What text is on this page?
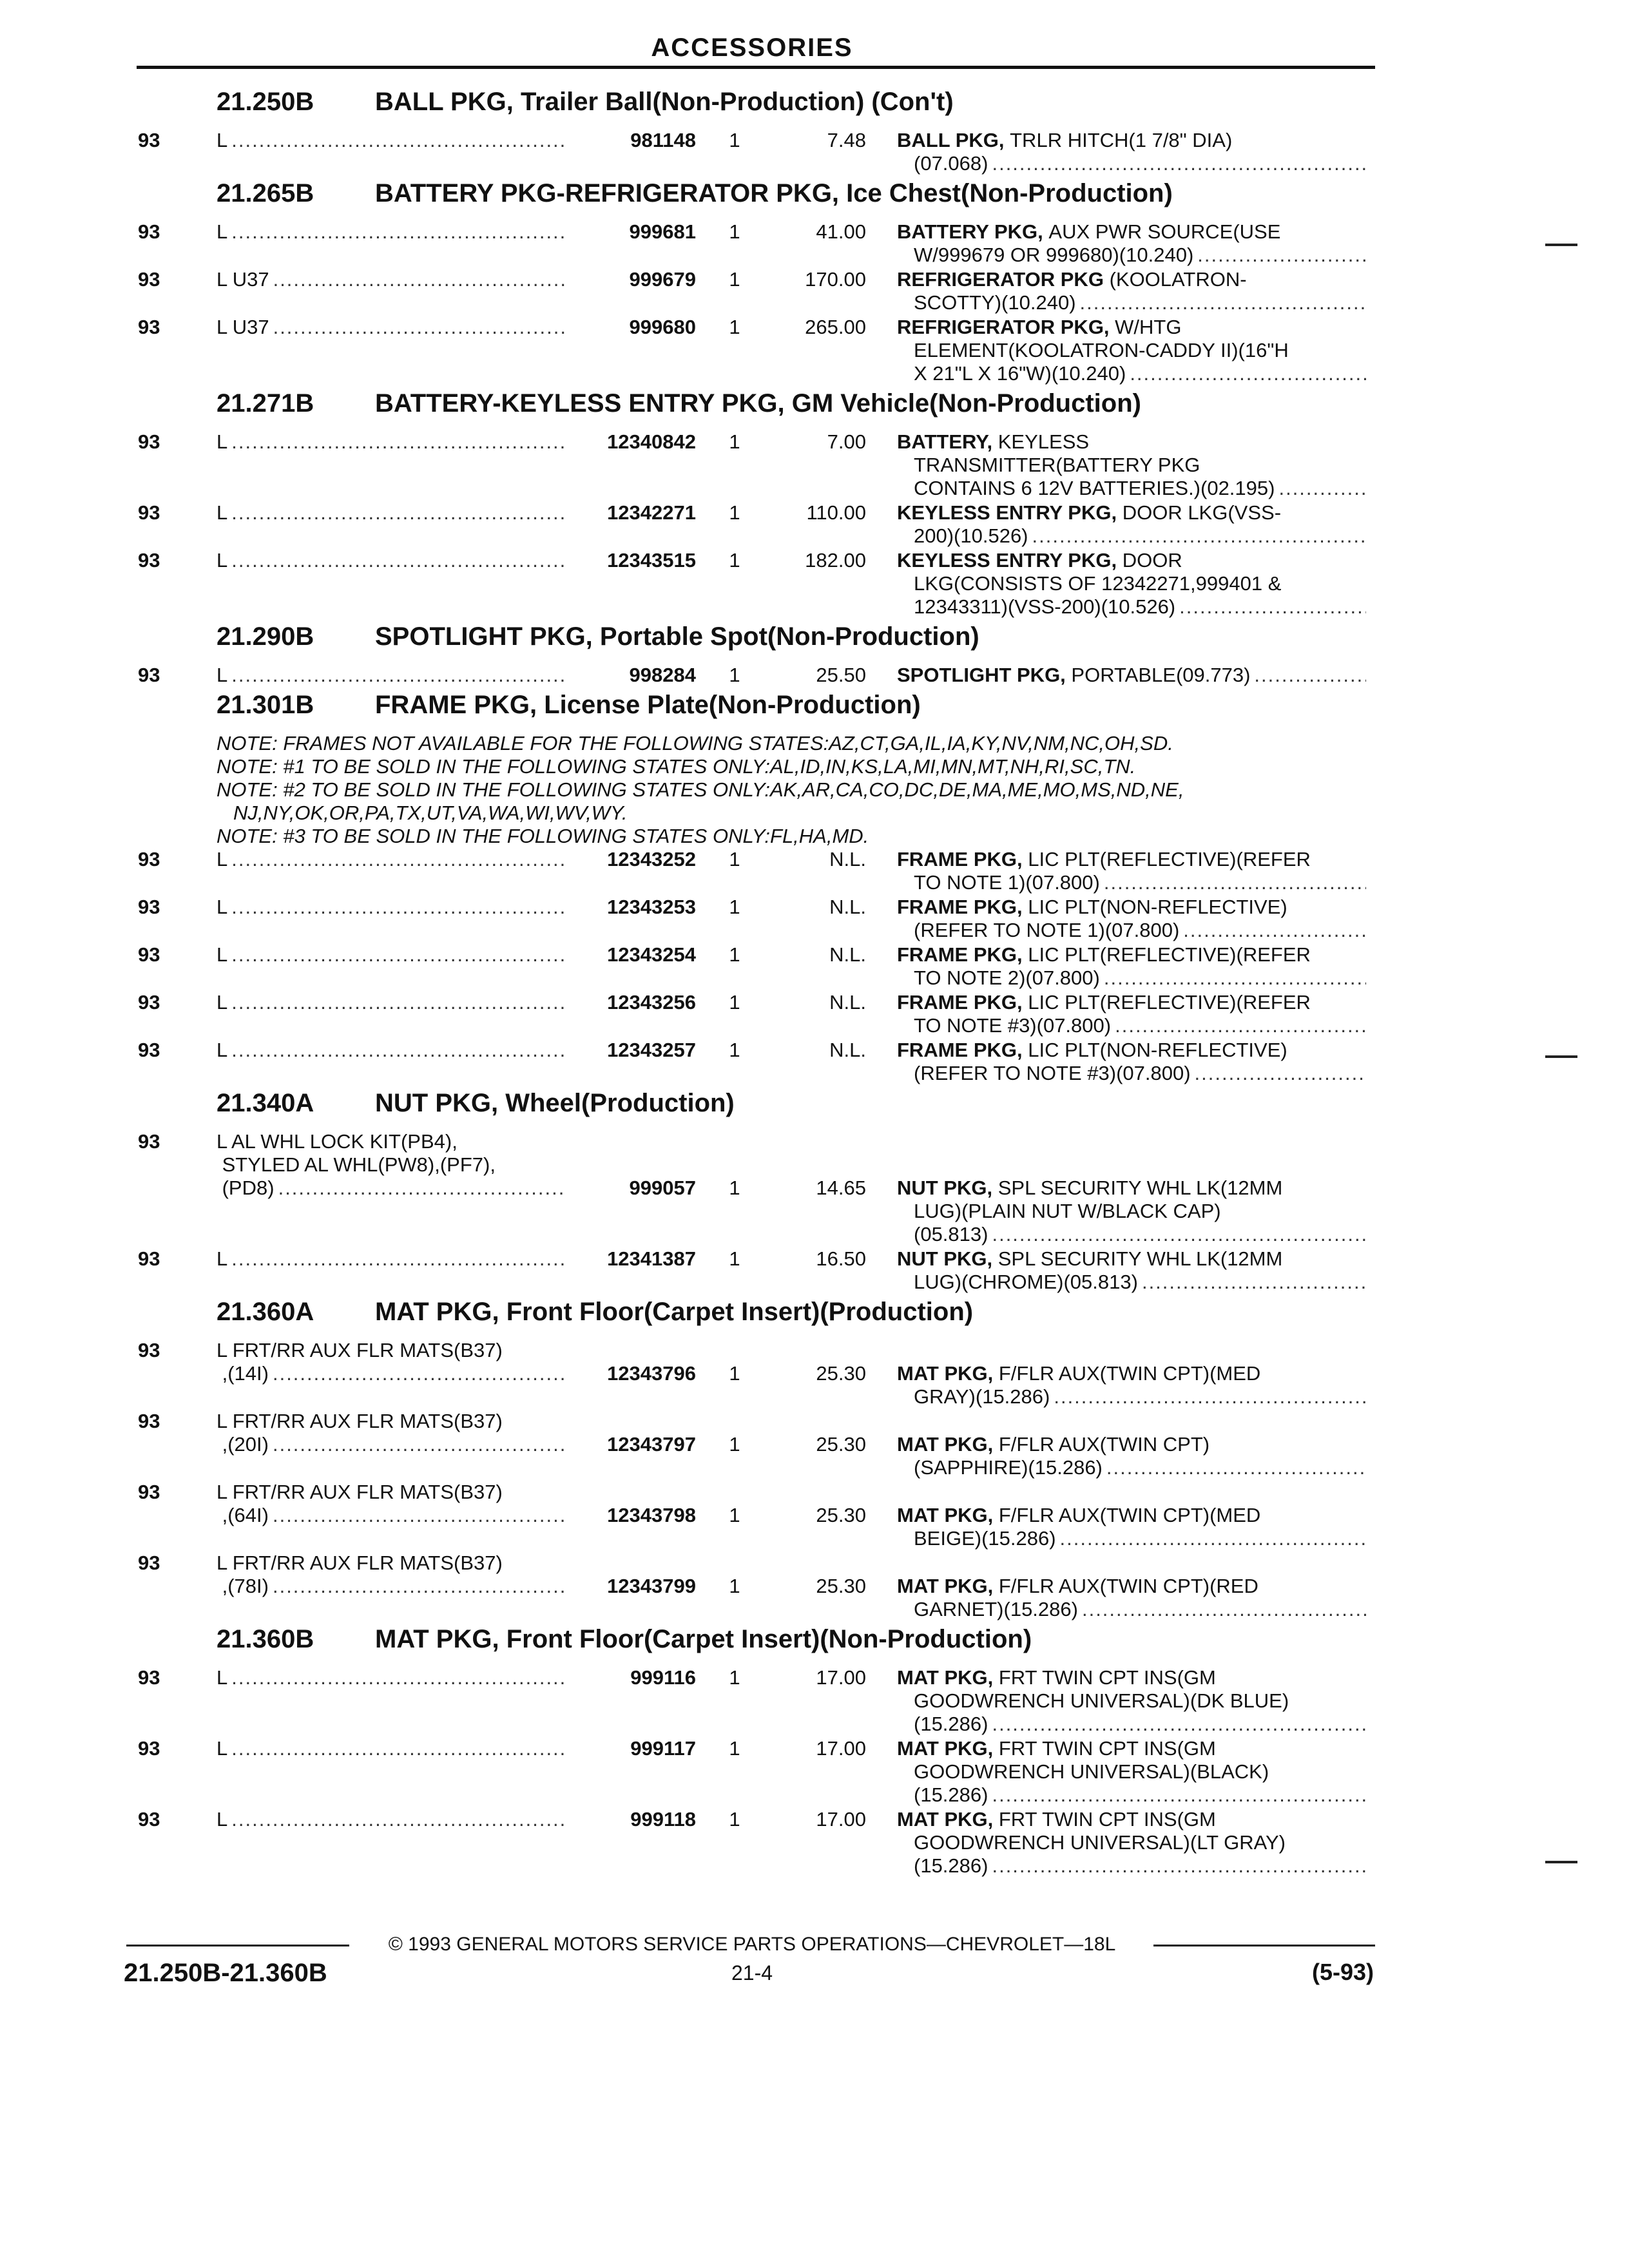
ACCESSORIES
21.250B BALL PKG, Trailer Ball(Non-Production) (Con't)
93	L .....	981148	1	7.48 BALL PKG,
TRLR HITCH(1 7/8" DIA)
(07.068)
.....
21.265B BATTERY PKG-REFRIGERATOR PKG, Ice Chest(Non-Production)
93	L .....	999681	1	41.00 BATTERY PKG,
AUX PWR SOURCE(USE
W/999679 OR 999680)(10.240)
.....
93	L U37 .....	999679	1	170.00 REFRIGERATOR PKG
(KOOLATRON-
SCOTTY)(10.240)
.....
93	L U37 .....	999680	1	265.00 REFRIGERATOR PKG,
W/HTG
ELEMENT(KOOLATRON-CADDY II)(16"H
X 21"L X 16"W)(10.240)
.....
21.271B BATTERY-KEYLESS ENTRY PKG, GM Vehicle(Non-Production)
93	L .....	12340842	1	7.00 BATTERY,
KEYLESS
TRANSMITTER(BATTERY PKG
CONTAINS 6 12V BATTERIES.)(02.195)
.....
93	L .....	12342271	1	110.00 KEYLESS ENTRY PKG,
DOOR LKG(VSS-
200)(10.526)
.....
93	L .....	12343515	1	182.00 KEYLESS ENTRY PKG,
DOOR
LKG(CONSISTS OF 12342271,999401 &
12343311)(VSS-200)(10.526)
.....
21.290B SPOTLIGHT PKG, Portable Spot(Non-Production)
93	L .....	998284	1	25.50 SPOTLIGHT PKG,
PORTABLE(09.773)
.....
21.301B FRAME PKG, License Plate(Non-Production)
NOTE: FRAMES NOT AVAILABLE FOR THE FOLLOWING STATES:AZ,CT,GA,IL,IA,KY,NV,NM,NC,OH,SD.
NOTE: #1 TO BE SOLD IN THE FOLLOWING STATES ONLY:AL,ID,IN,KS,LA,MI,MN,MT,NH,RI,SC,TN.
NOTE: #2 TO BE SOLD IN THE FOLLOWING STATES ONLY:AK,AR,CA,CO,DC,DE,MA,ME,MO,MS,ND,NE,
NJ,NY,OK,OR,PA,TX,UT,VA,WA,WI,WV,WY.
NOTE: #3 TO BE SOLD IN THE FOLLOWING STATES ONLY:FL,HA,MD.
93	L .....	12343252	1	N.L. FRAME PKG,
LIC PLT(REFLECTIVE)(REFER
TO NOTE 1)(07.800)
.....
93	L .....	12343253	1	N.L. FRAME PKG,
LIC PLT(NON-REFLECTIVE)
(REFER TO NOTE 1)(07.800)
.....
93	L .....	12343254	1	N.L. FRAME PKG,
LIC PLT(REFLECTIVE)(REFER
TO NOTE 2)(07.800)
.....
93	L .....	12343256	1	N.L. FRAME PKG,
LIC PLT(REFLECTIVE)(REFER
TO NOTE #3)(07.800)
.....
93	L .....	12343257	1	N.L. FRAME PKG,
LIC PLT(NON-REFLECTIVE)
(REFER TO NOTE #3)(07.800)
.....
21.340A NUT PKG, Wheel(Production)
93	L AL WHL LOCK KIT(PB4),
STYLED AL WHL(PW8),(PF7),
(PD8) .....	999057	1	14.65 NUT PKG,
SPL SECURITY WHL LK(12MM
LUG)(PLAIN NUT W/BLACK CAP)
(05.813)
.....
93	L .....	12341387	1	16.50 NUT PKG,
SPL SECURITY WHL LK(12MM
LUG)(CHROME)(05.813)
.....
21.360A MAT PKG, Front Floor(Carpet Insert)(Production)
93	L FRT/RR AUX FLR MATS(B37)
,(14I) .....	12343796	1	25.30 MAT PKG,
F/FLR AUX(TWIN CPT)(MED
GRAY)(15.286)
.....
93	L FRT/RR AUX FLR MATS(B37)
,(20I) .....	12343797	1	25.30 MAT PKG,
F/FLR AUX(TWIN CPT)
(SAPPHIRE)(15.286)
.....
93	L FRT/RR AUX FLR MATS(B37)
,(64I) .....	12343798	1	25.30 MAT PKG,
F/FLR AUX(TWIN CPT)(MED
BEIGE)(15.286)
.....
93	L FRT/RR AUX FLR MATS(B37)
,(78I) .....	12343799	1	25.30 MAT PKG,
F/FLR AUX(TWIN CPT)(RED
GARNET)(15.286)
.....
21.360B MAT PKG, Front Floor(Carpet Insert)(Non-Production)
93	L .....	999116	1	17.00 MAT PKG,
FRT TWIN CPT INS(GM
GOODWRENCH UNIVERSAL)(DK BLUE)
(15.286)
.....
93	L .....	999117	1	17.00 MAT PKG,
FRT TWIN CPT INS(GM
GOODWRENCH UNIVERSAL)(BLACK)
(15.286)
.....
93	L .....	999118	1	17.00 MAT PKG,
FRT TWIN CPT INS(GM
GOODWRENCH UNIVERSAL)(LT GRAY)
(15.286)
.....
© 1993 GENERAL MOTORS SERVICE PARTS OPERATIONS—CHEVROLET—18L
21.250B-21.360B	21-4	(5-93)
